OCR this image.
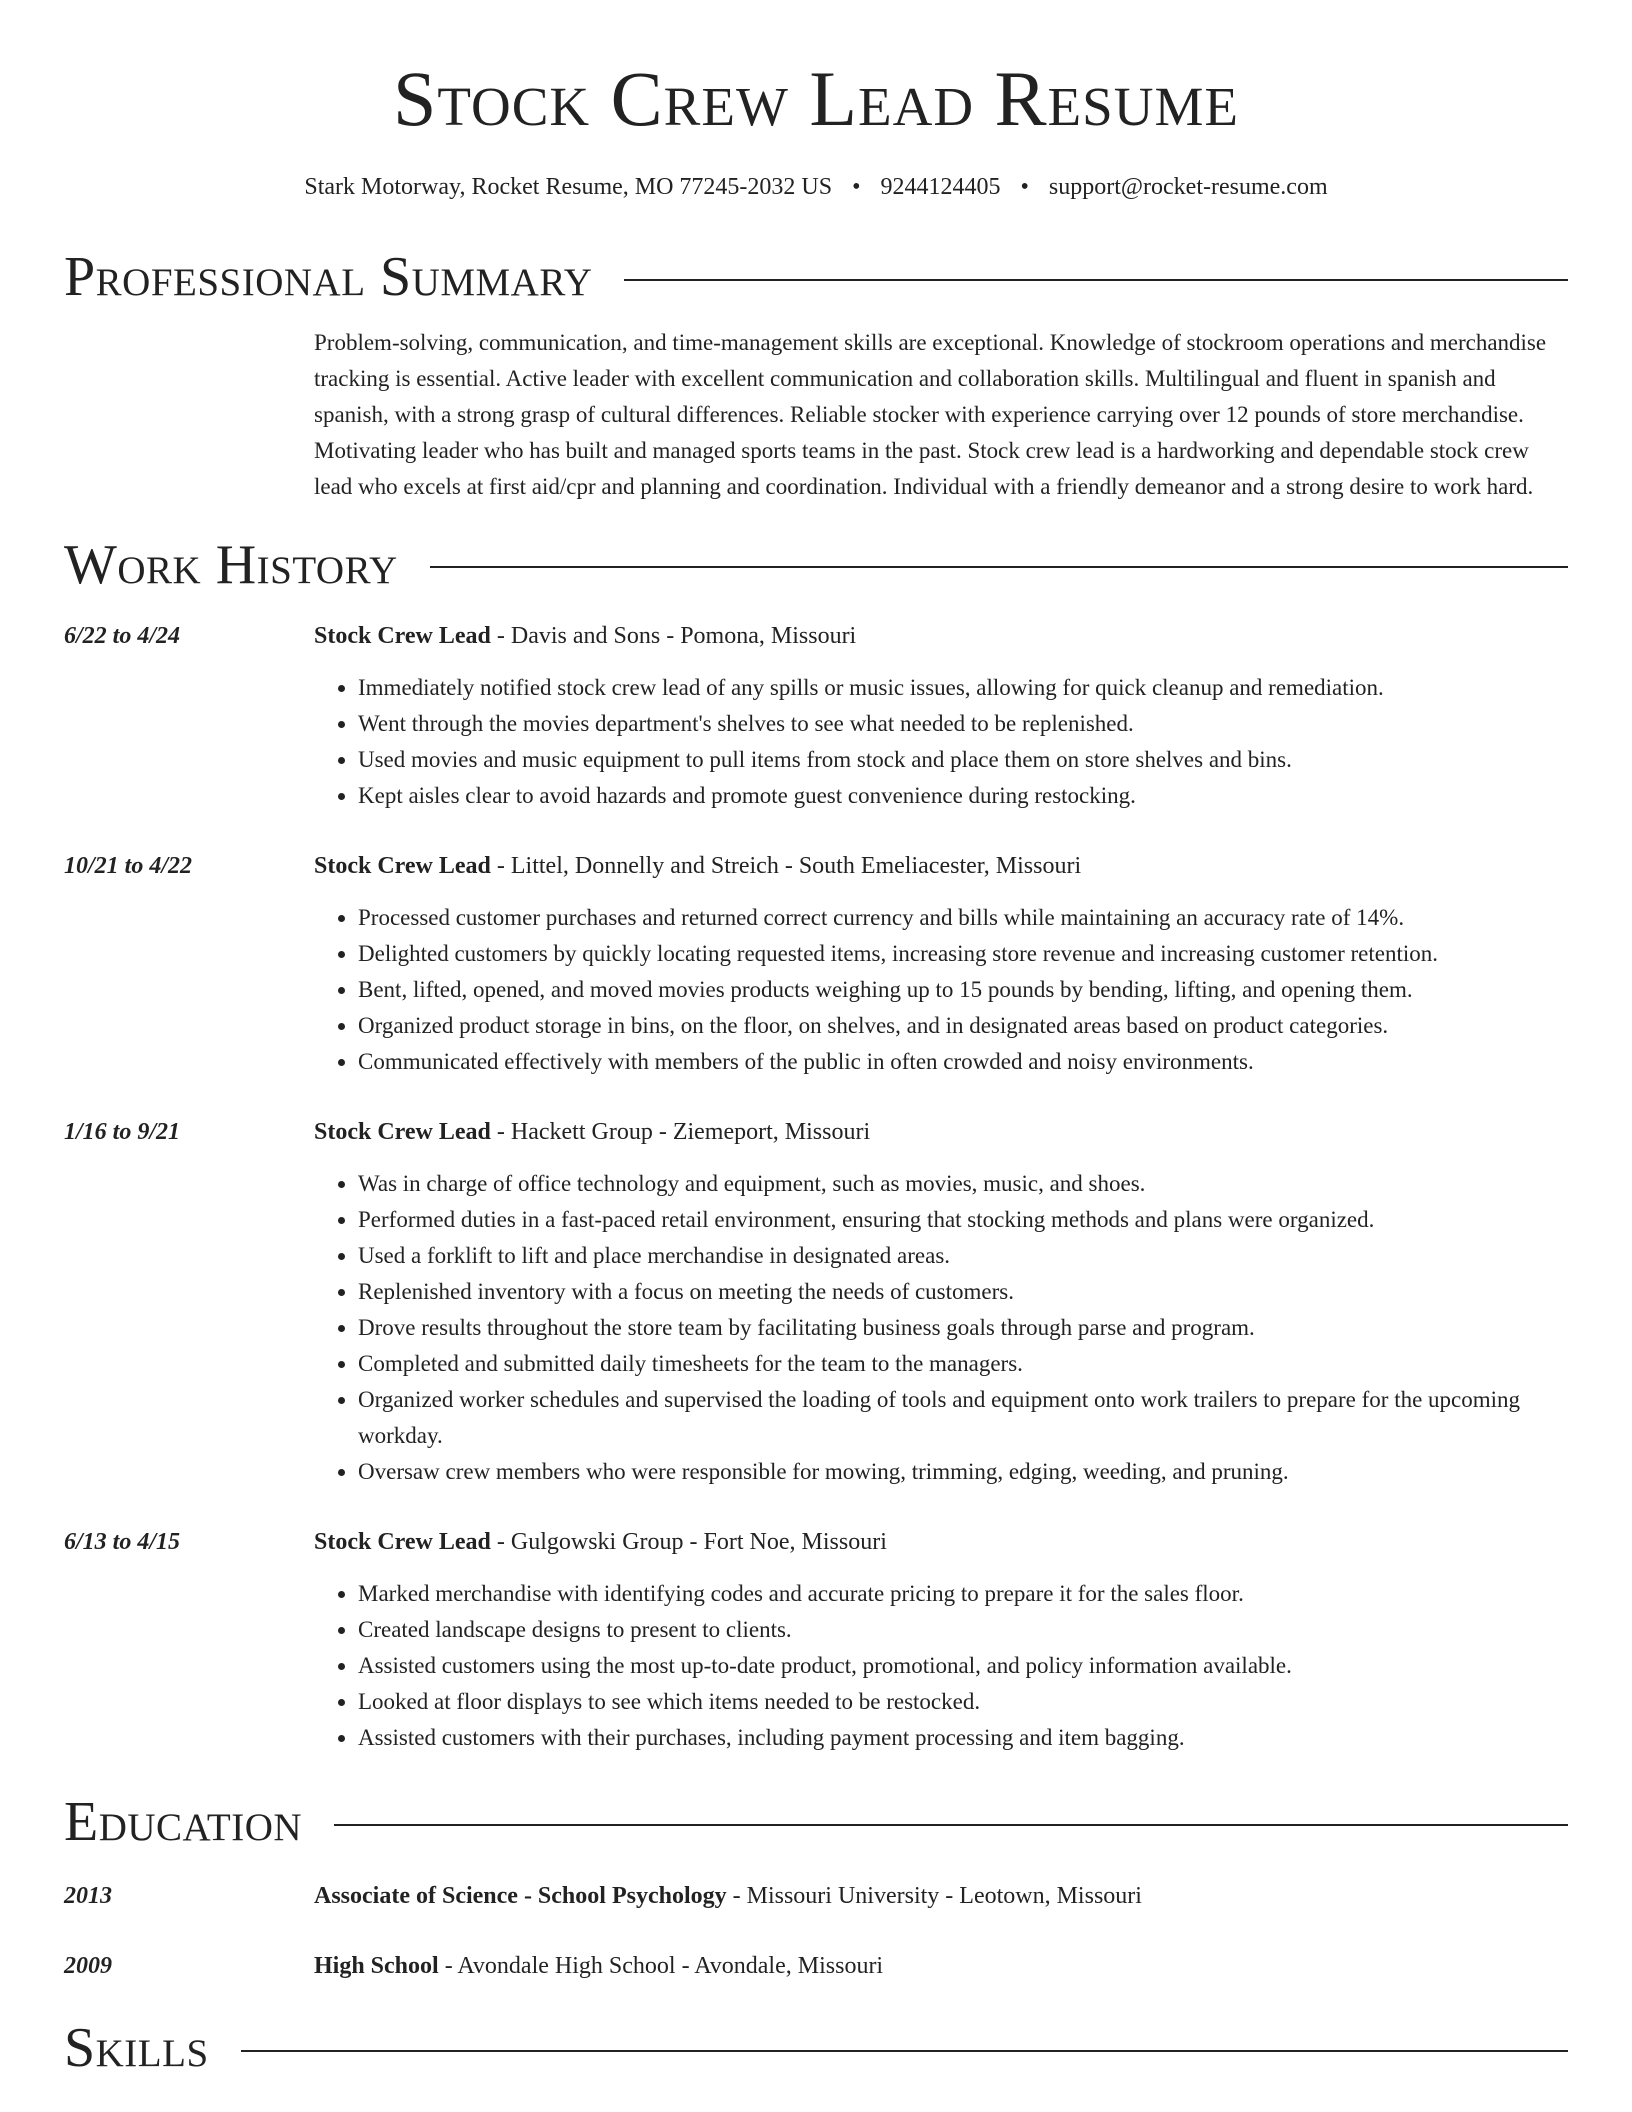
Stock Crew Lead Resume
Stark Motorway, Rocket Resume, MO 77245-2032 US • 9244124405 • support@rocket-resume.com
Professional Summary
Problem-solving, communication, and time-management skills are exceptional. Knowledge of stockroom operations and merchandise tracking is essential. Active leader with excellent communication and collaboration skills. Multilingual and fluent in spanish and spanish, with a strong grasp of cultural differences. Reliable stocker with experience carrying over 12 pounds of store merchandise. Motivating leader who has built and managed sports teams in the past. Stock crew lead is a hardworking and dependable stock crew lead who excels at first aid/cpr and planning and coordination. Individual with a friendly demeanor and a strong desire to work hard.
Work History
6/22 to 4/24	Stock Crew Lead - Davis and Sons - Pomona, Missouri
• Immediately notified stock crew lead of any spills or music issues, allowing for quick cleanup and remediation.
• Went through the movies department's shelves to see what needed to be replenished.
• Used movies and music equipment to pull items from stock and place them on store shelves and bins.
• Kept aisles clear to avoid hazards and promote guest convenience during restocking.
10/21 to 4/22	Stock Crew Lead - Littel, Donnelly and Streich - South Emeliacester, Missouri
• Processed customer purchases and returned correct currency and bills while maintaining an accuracy rate of 14%.
• Delighted customers by quickly locating requested items, increasing store revenue and increasing customer retention.
• Bent, lifted, opened, and moved movies products weighing up to 15 pounds by bending, lifting, and opening them.
• Organized product storage in bins, on the floor, on shelves, and in designated areas based on product categories.
• Communicated effectively with members of the public in often crowded and noisy environments.
1/16 to 9/21	Stock Crew Lead - Hackett Group - Ziemeport, Missouri
• Was in charge of office technology and equipment, such as movies, music, and shoes.
• Performed duties in a fast-paced retail environment, ensuring that stocking methods and plans were organized.
• Used a forklift to lift and place merchandise in designated areas.
• Replenished inventory with a focus on meeting the needs of customers.
• Drove results throughout the store team by facilitating business goals through parse and program.
• Completed and submitted daily timesheets for the team to the managers.
• Organized worker schedules and supervised the loading of tools and equipment onto work trailers to prepare for the upcoming workday.
• Oversaw crew members who were responsible for mowing, trimming, edging, weeding, and pruning.
6/13 to 4/15	Stock Crew Lead - Gulgowski Group - Fort Noe, Missouri
• Marked merchandise with identifying codes and accurate pricing to prepare it for the sales floor.
• Created landscape designs to present to clients.
• Assisted customers using the most up-to-date product, promotional, and policy information available.
• Looked at floor displays to see which items needed to be restocked.
• Assisted customers with their purchases, including payment processing and item bagging.
Education
2013	Associate of Science - School Psychology - Missouri University - Leotown, Missouri
2009	High School - Avondale High School - Avondale, Missouri
Skills
